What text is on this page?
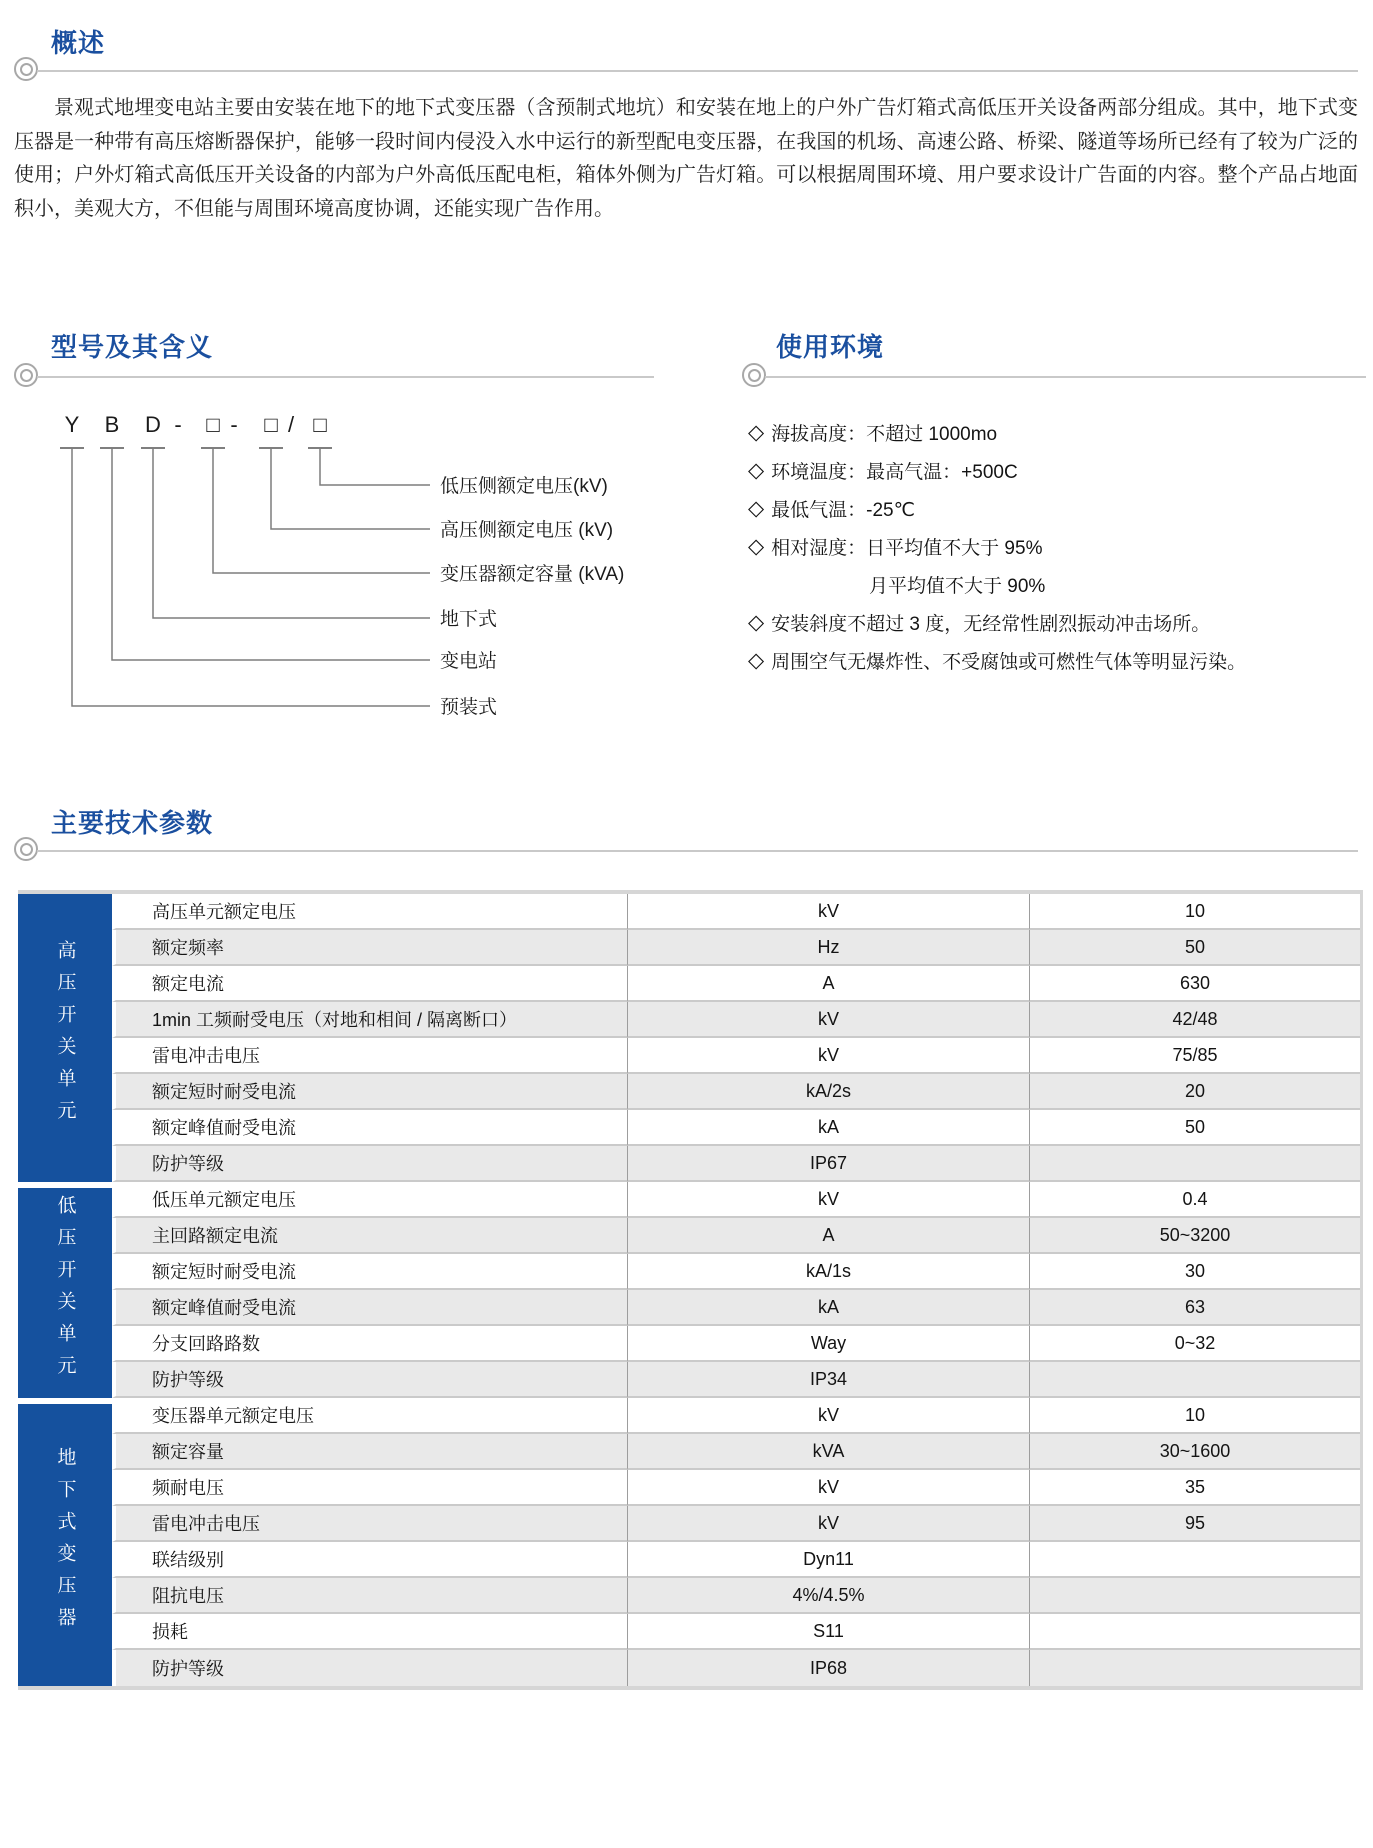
概述

景观式地埋变电站主要由安装在地下的地下式变压器（含预制式地坑）和安装在地上的户外广告灯箱式高低压开关设备两部分组成。其中，地下式变压器是一种带有高压熔断器保护，能够一段时间内侵没入水中运行的新型配电变压器，在我国的机场、高速公路、桥梁、隧道等场所已经有了较为广泛的使用；户外灯箱式高低压开关设备的内部为户外高低压配电柜，箱体外侧为广告灯箱。可以根据周围环境、用户要求设计广告面的内容。整个产品占地面积小，美观大方，不但能与周围环境高度协调，还能实现广告作用。

型号及其含义
Y B D - □ - □ / □
低压侧额定电压(kV)
高压侧额定电压 (kV)
变压器额定容量 (kVA)
地下式
变电站
预装式
使用环境
◇ 海拔高度：不超过 1000mo
◇ 环境温度：最高气温：+500C
◇ 最低气温：-25℃
◇ 相对湿度：日平均值不大于 95%
月平均值不大于 90%
◇ 安装斜度不超过 3 度，无经常性剧烈振动冲击场所。
◇ 周围空气无爆炸性、不受腐蚀或可燃性气体等明显污染。
主要技术参数
高压开关单元	高压单元额定电压	kV	10
	额定频率	Hz	50
	额定电流	A	630
	1min 工频耐受电压（对地和相间 / 隔离断口）	kV	42/48
	雷电冲击电压	kV	75/85
	额定短时耐受电流	kA/2s	20
	额定峰值耐受电流	kA	50
	防护等级	IP67	
低压开关单元	低压单元额定电压	kV	0.4
	主回路额定电流	A	50~3200
	额定短时耐受电流	kA/1s	30
	额定峰值耐受电流	kA	63
	分支回路路数	Way	0~32
	防护等级	IP34	
地下式变压器	变压器单元额定电压	kV	10
	额定容量	kVA	30~1600
	频耐电压	kV	35
	雷电冲击电压	kV	95
	联结级别	Dyn11	
	阻抗电压	4%/4.5%	
	损耗	S11	
	防护等级	IP68	
